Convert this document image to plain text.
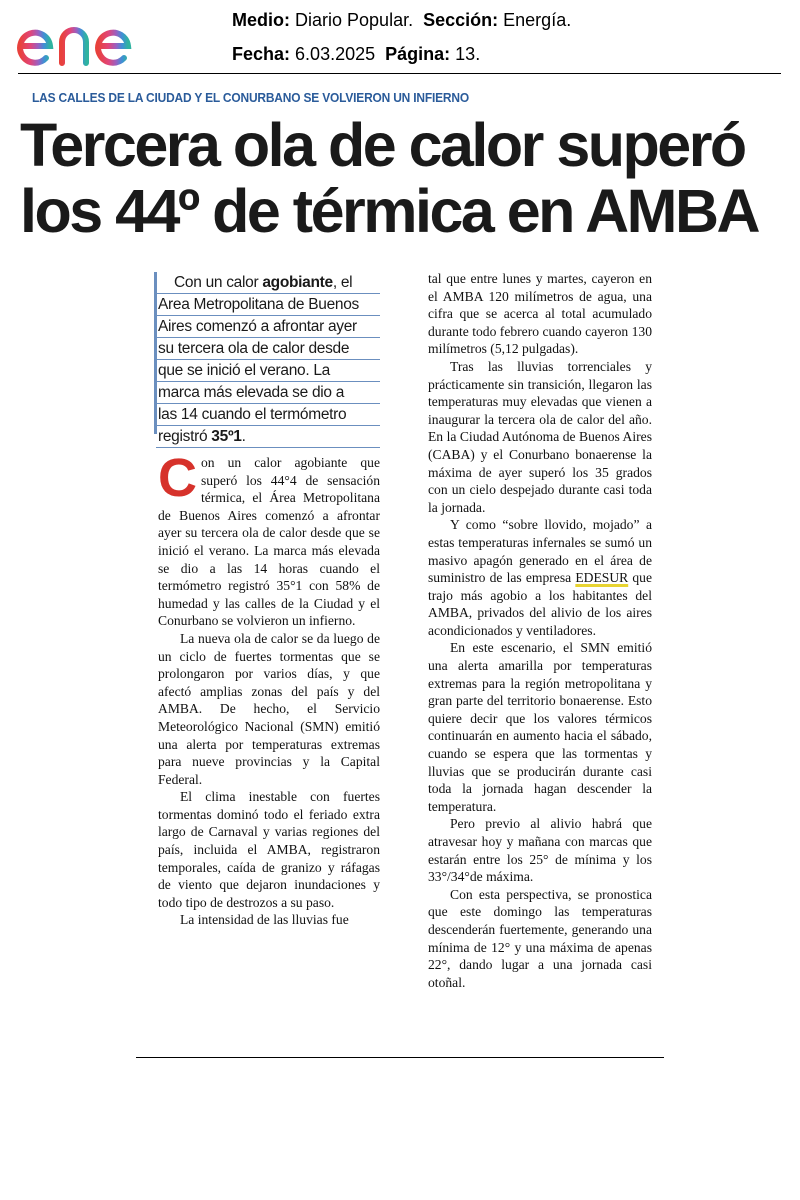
Medio: Diario Popular. Sección: Energía.
Fecha: 6.03.2025 Página: 13.
LAS CALLES DE LA CIUDAD Y EL CONURBANO SE VOLVIERON UN INFIERNO
Tercera ola de calor superó
los 44º de térmica en AMBA
Con un calor agobiante, el
Area Metropolitana de Buenos
Aires comenzó a afrontar ayer
su tercera ola de calor desde
que se inició el verano. La
marca más elevada se dio a
las 14 cuando el termómetro
registró 35º1.

Con un calor agobiante que superó los 44°4 de sensación térmica, el Área Metropolitana de Buenos Aires comenzó a afrontar ayer su tercera ola de calor desde que se inició el verano. La marca más elevada se dio a las 14 horas cuando el termómetro registró 35°1 con 58% de humedad y las calles de la Ciudad y el Conurbano se volvieron un infierno.

La nueva ola de calor se da luego de un ciclo de fuertes tormentas que se prolongaron por varios días, y que afectó amplias zonas del país y del AMBA. De hecho, el Servicio Meteorológico Nacional (SMN) emitió una alerta por temperaturas extremas para nueve provincias y la Capital Federal.

El clima inestable con fuertes tormentas dominó todo el feriado extra largo de Carnaval y varias regiones del país, incluida el AMBA, registraron temporales, caída de granizo y ráfagas de viento que dejaron inundaciones y todo tipo de destrozos a su paso.

La intensidad de las lluvias fue

tal que entre lunes y martes, cayeron en el AMBA 120 milímetros de agua, una cifra que se acerca al total acumulado durante todo febrero cuando cayeron 130 milímetros (5,12 pulgadas).

Tras las lluvias torrenciales y prácticamente sin transición, llegaron las temperaturas muy elevadas que vienen a inaugurar la tercera ola de calor del año. En la Ciudad Autónoma de Buenos Aires (CABA) y el Conurbano bonaerense la máxima de ayer superó los 35 grados con un cielo despejado durante casi toda la jornada.

Y como “sobre llovido, mojado” a estas temperaturas infernales se sumó un masivo apagón generado en el área de suministro de las empresa EDESUR que trajo más agobio a los habitantes del AMBA, privados del alivio de los aires acondicionados y ventiladores.

En este escenario, el SMN emitió una alerta amarilla por temperaturas extremas para la región metropolitana y gran parte del territorio bonaerense. Esto quiere decir que los valores térmicos continuarán en aumento hacia el sábado, cuando se espera que las tormentas y lluvias que se producirán durante casi toda la jornada hagan descender la temperatura.

Pero previo al alivio habrá que atravesar hoy y mañana con marcas que estarán entre los 25° de mínima y los 33°/34°de máxima.

Con esta perspectiva, se pronostica que este domingo las temperaturas descenderán fuertemente, generando una mínima de 12° y una máxima de apenas 22°, dando lugar a una jornada casi otoñal.
